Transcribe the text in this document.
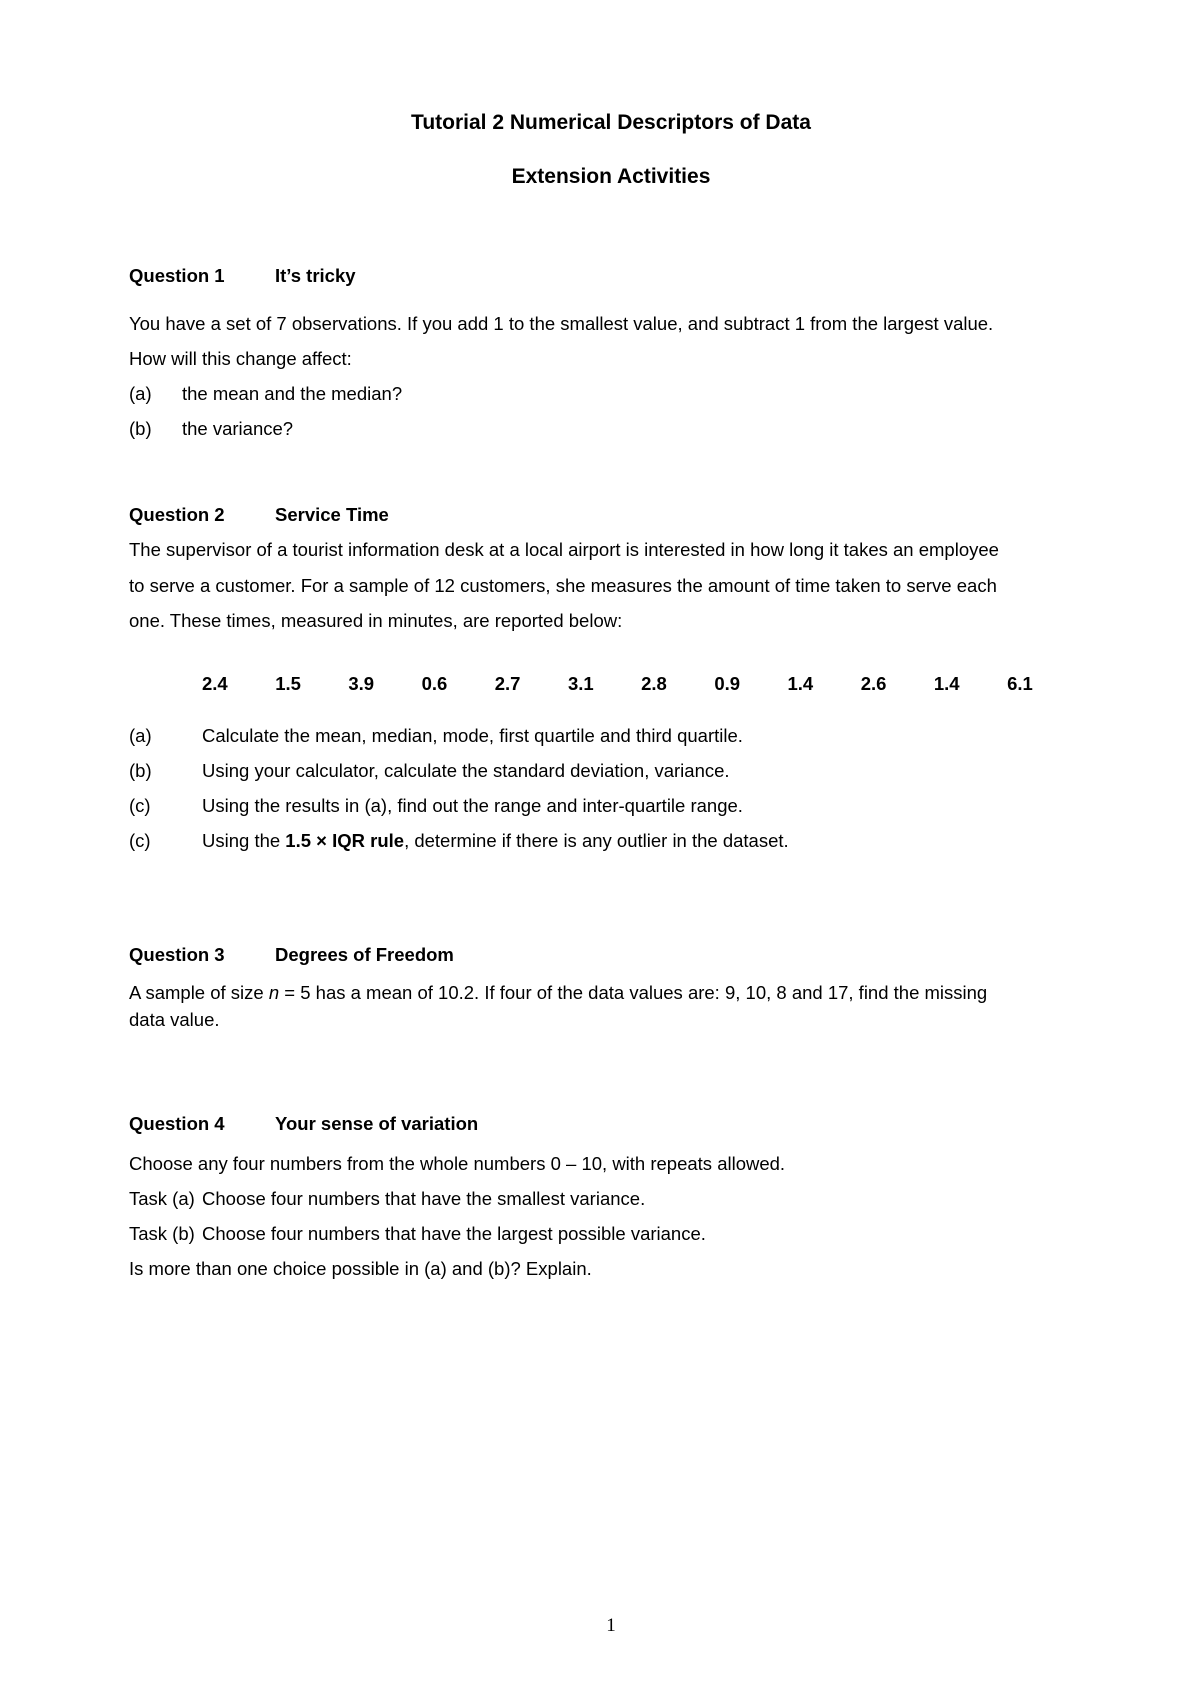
Tutorial 2 Numerical Descriptors of Data
Extension Activities
Question 1	It’s tricky
You have a set of 7 observations. If you add 1 to the smallest value, and subtract 1 from the largest value.
How will this change affect:
(a) the mean and the median?
(b) the variance?
Question 2	Service Time
The supervisor of a tourist information desk at a local airport is interested in how long it takes an employee
to serve a customer. For a sample of 12 customers, she measures the amount of time taken to serve each
one. These times, measured in minutes, are reported below:
2.4	1.5	3.9	0.6	2.7	3.1	2.8	0.9	1.4	2.6	1.4	6.1
(a)	Calculate the mean, median, mode, first quartile and third quartile.
(b)	Using your calculator, calculate the standard deviation, variance.
(c)	Using the results in (a), find out the range and inter-quartile range.
(c)	Using the 1.5 × IQR rule, determine if there is any outlier in the dataset.
Question 3	Degrees of Freedom
A sample of size n = 5 has a mean of 10.2. If four of the data values are: 9, 10, 8 and 17, find the missing
data value.
Question 4	Your sense of variation
Choose any four numbers from the whole numbers 0 – 10, with repeats allowed.
Task (a) Choose four numbers that have the smallest variance.
Task (b) Choose four numbers that have the largest possible variance.
Is more than one choice possible in (a) and (b)? Explain.
1
